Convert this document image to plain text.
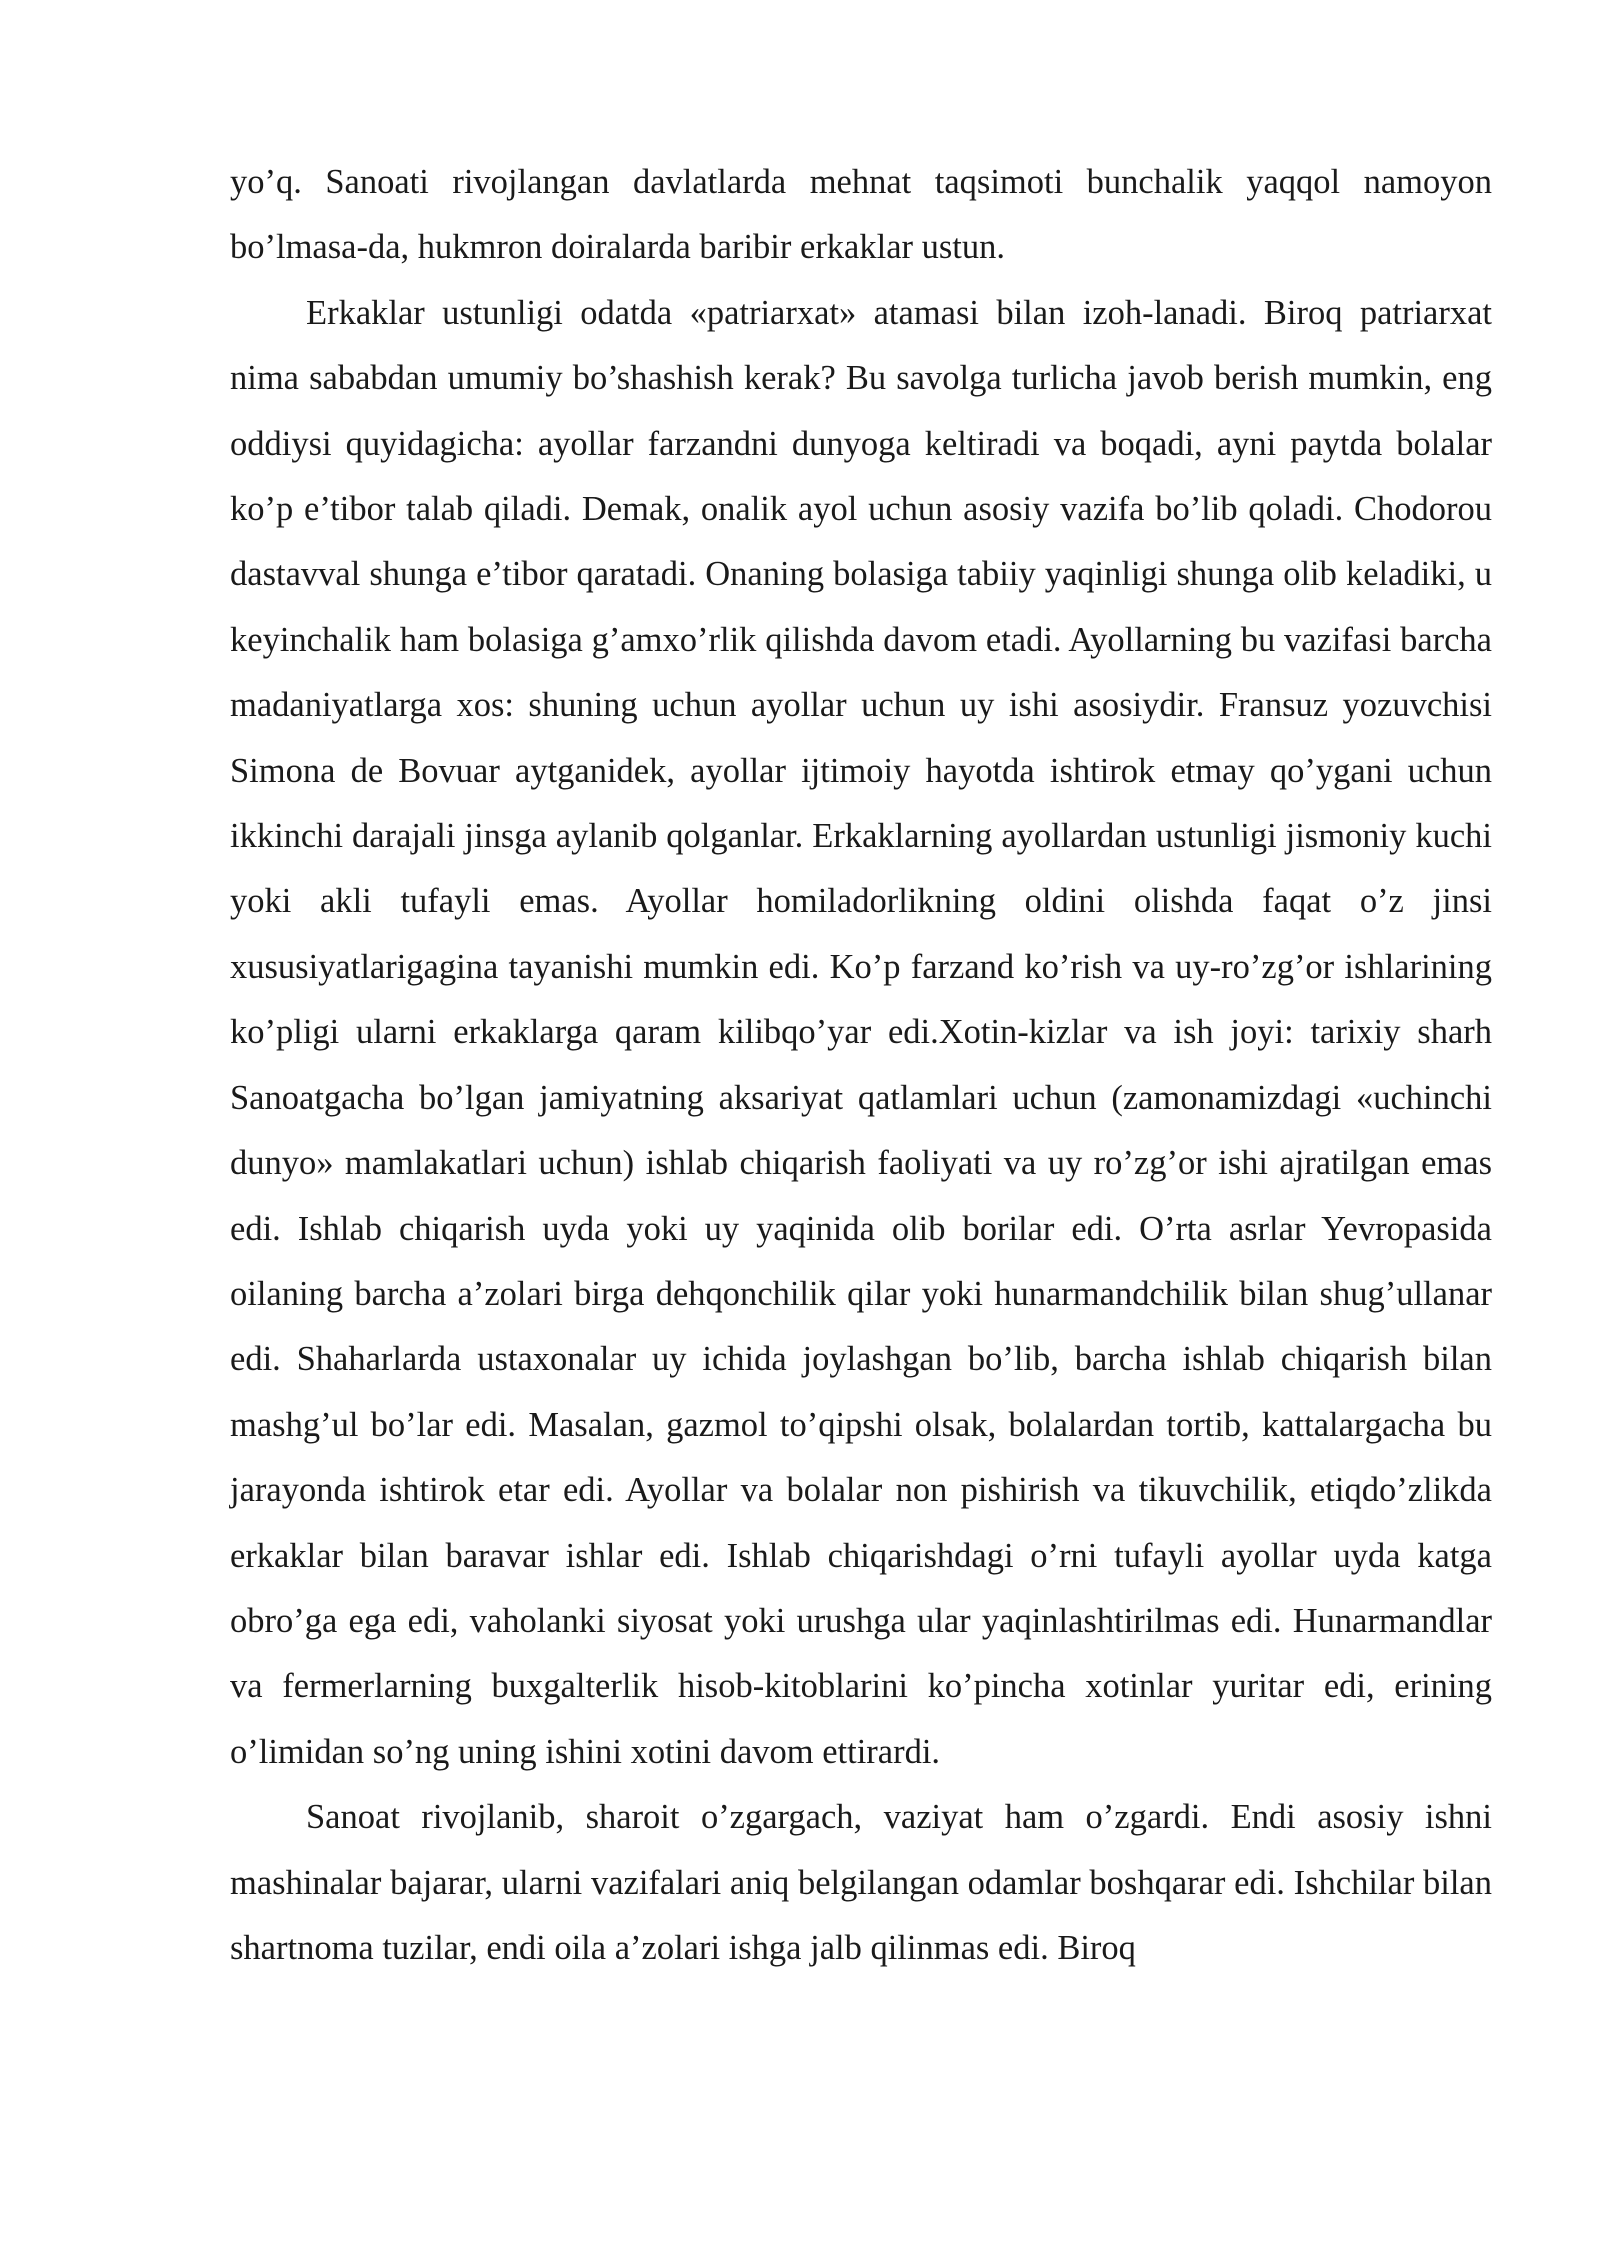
yo’q. Sanoati rivojlangan davlatlarda mehnat taqsimoti bunchalik yaqqol namoyon bo’lmasa-da, hukmron doiralarda baribir erkaklar ustun.

Erkaklar ustunligi odatda «patriarxat» atamasi bilan izoh-lanadi. Biroq patriarxat nima sababdan umumiy bo’shashish kerak? Bu savolga turlicha javob berish mumkin, eng oddiysi quyidagicha: ayollar farzandni dunyoga keltiradi va boqadi, ayni paytda bolalar ko’p e’tibor talab qiladi. Demak, onalik ayol uchun asosiy vazifa bo’lib qoladi. Chodorou dastavval shunga e’tibor qaratadi. Onaning bolasiga tabiiy yaqinligi shunga olib keladiki, u keyinchalik ham bolasiga g’amxo’rlik qilishda davom etadi. Ayollarning bu vazifasi barcha madaniyatlarga xos: shuning uchun ayollar uchun uy ishi asosiydir. Fransuz yozuvchisi Simona de Bovuar aytganidek, ayollar ijtimoiy hayotda ishtirok etmay qo’ygani uchun ikkinchi darajali jinsga aylanib qolganlar. Erkaklarning ayollardan ustunligi jismoniy kuchi yoki akli tufayli emas. Ayollar homiladorlikning oldini olishda faqat o’z jinsi xususiyatlarigagina tayanishi mumkin edi. Ko’p farzand ko’rish va uy-ro’zg’or ishlarining ko’pligi ularni erkaklarga qaram kilibqo’yar edi.Xotin-kizlar va ish joyi: tarixiy sharh Sanoatgacha bo’lgan jamiyatning aksariyat qatlamlari uchun (zamonamizdagi «uchinchi dunyo» mamlakatlari uchun) ishlab chiqarish faoliyati va uy ro’zg’or ishi ajratilgan emas edi. Ishlab chiqarish uyda yoki uy yaqinida olib borilar edi. O’rta asrlar Yevropasida oilaning barcha a’zolari birga dehqonchilik qilar yoki hunarmandchilik bilan shug’ullanar edi. Shaharlarda ustaxonalar uy ichida joylashgan bo’lib, barcha ishlab chiqarish bilan mashg’ul bo’lar edi. Masalan, gazmol to’qipshi olsak, bolalardan tortib, kattalargacha bu jarayonda ishtirok etar edi. Ayollar va bolalar non pishirish va tikuvchilik, etiqdo’zlikda erkaklar bilan baravar ishlar edi. Ishlab chiqarishdagi o’rni tufayli ayollar uyda katga obro’ga ega edi, vaholanki siyosat yoki urushga ular yaqinlashtirilmas edi. Hunarmandlar va fermerlarning buxgalterlik hisob-kitoblarini ko’pincha xotinlar yuritar edi, erining o’limidan so’ng uning ishini xotini davom ettirardi.

Sanoat rivojlanib, sharoit o’zgargach, vaziyat ham o’zgardi. Endi asosiy ishni mashinalar bajarar, ularni vazifalari aniq belgilangan odamlar boshqarar edi. Ishchilar bilan shartnoma tuzilar, endi oila a’zolari ishga jalb qilinmas edi. Biroq
